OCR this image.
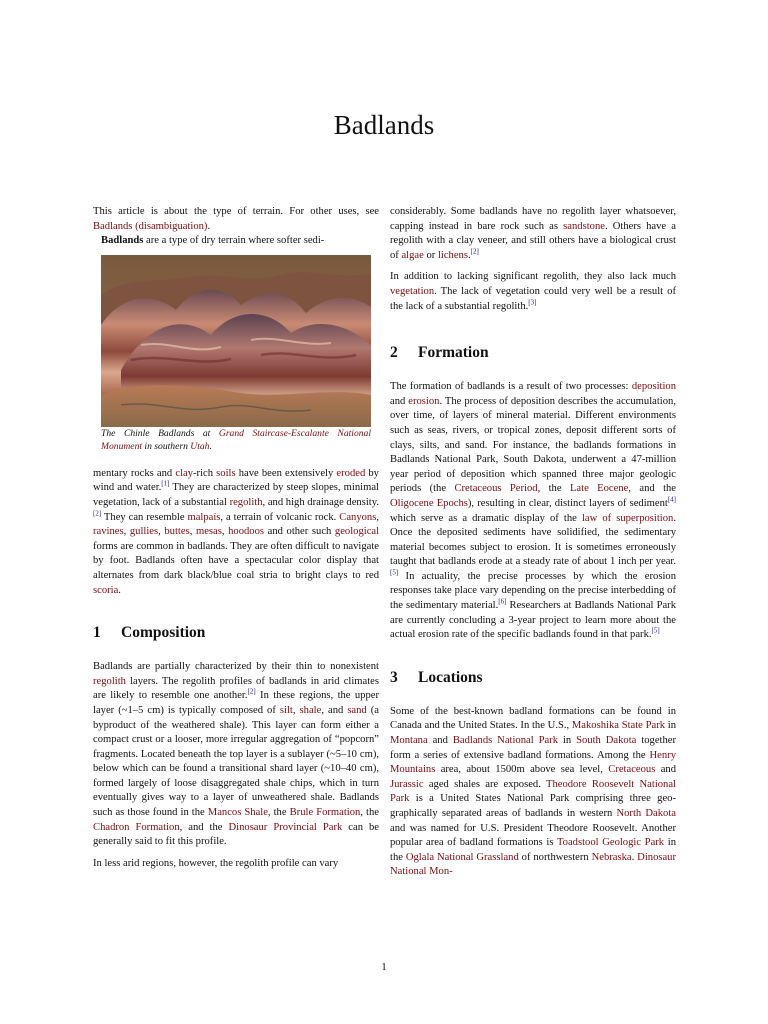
Badlands

This article is about the type of terrain. For other uses, see Badlands (disambiguation).

Badlands are a type of dry terrain where softer sedi-

The Chinle Badlands at Grand Staircase-Escalante National Monument in southern Utah.

mentary rocks and clay-rich soils have been extensively eroded by wind and water.[1] They are characterized by steep slopes, minimal vegetation, lack of a substantial regolith, and high drainage density.[2] They can resemble malpaís, a terrain of volcanic rock. Canyons, ravines, gullies, buttes, mesas, hoodoos and other such geological forms are common in badlands. They are often difficult to navigate by foot. Badlands often have a spectacular color display that alternates from dark black/blue coal stria to bright clays to red scoria.

1 Composition

Badlands are partially characterized by their thin to nonexistent regolith layers. The regolith profiles of badlands in arid climates are likely to resemble one another.[2] In these regions, the upper layer (~1–5 cm) is typically composed of silt, shale, and sand (a byproduct of the weathered shale). This layer can form either a compact crust or a looser, more irregular aggregation of “popcorn” fragments. Located beneath the top layer is a sublayer (~5–10 cm), below which can be found a transitional shard layer (~10–40 cm), formed largely of loose disaggregated shale chips, which in turn eventually gives way to a layer of unweathered shale. Badlands such as those found in the Mancos Shale, the Brule Formation, the Chadron Formation, and the Dinosaur Provincial Park can be generally said to fit this profile.

In less arid regions, however, the regolith profile can vary

considerably. Some badlands have no regolith layer whatsoever, capping instead in bare rock such as sandstone. Others have a regolith with a clay veneer, and still others have a biological crust of algae or lichens.[2]

In addition to lacking significant regolith, they also lack much vegetation. The lack of vegetation could very well be a result of the lack of a substantial regolith.[3]

2 Formation

The formation of badlands is a result of two processes: deposition and erosion. The process of deposition describes the accumulation, over time, of layers of mineral material. Different environments such as seas, rivers, or tropical zones, deposit different sorts of clays, silts, and sand. For instance, the badlands formations in Badlands National Park, South Dakota, underwent a 47-million year period of deposition which spanned three major geologic periods (the Cretaceous Period, the Late Eocene, and the Oligocene Epochs), resulting in clear, distinct layers of sediment[4] which serve as a dramatic display of the law of superposition. Once the deposited sediments have solidified, the sedimentary material becomes subject to erosion. It is sometimes erroneously taught that badlands erode at a steady rate of about 1 inch per year.[5] In actuality, the precise processes by which the erosion responses take place vary depending on the precise interbedding of the sedimentary material.[6] Researchers at Badlands National Park are currently concluding a 3-year project to learn more about the actual erosion rate of the specific badlands found in that park.[5]

3 Locations

Some of the best-known badland formations can be found in Canada and the United States. In the U.S., Makoshika State Park in Montana and Badlands National Park in South Dakota together form a series of extensive badland formations. Among the Henry Mountains area, about 1500m above sea level, Cretaceous and Jurassic aged shales are exposed. Theodore Roosevelt National Park is a United States National Park comprising three geographically separated areas of badlands in western North Dakota and was named for U.S. President Theodore Roosevelt. Another popular area of badland formations is Toadstool Geologic Park in the Oglala National Grassland of northwestern Nebraska. Dinosaur National Mon-

1
